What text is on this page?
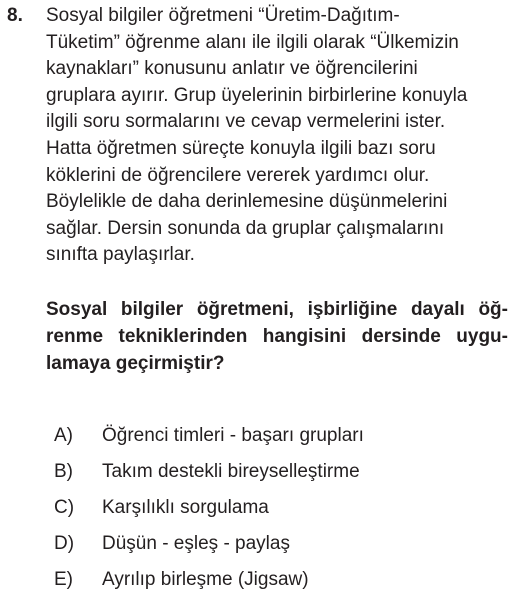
8. Sosyal bilgiler öğretmeni “Üretim-Dağıtım-
Tüketim” öğrenme alanı ile ilgili olarak “Ülkemizin
kaynakları” konusunu anlatır ve öğrencilerini
gruplara ayırır. Grup üyelerinin birbirlerine konuyla
ilgili soru sormalarını ve cevap vermelerini ister.
Hatta öğretmen süreçte konuyla ilgili bazı soru
köklerini de öğrencilere vererek yardımcı olur.
Böylelikle de daha derinlemesine düşünmelerini
sağlar. Dersin sonunda da gruplar çalışmalarını
sınıfta paylaşırlar.
Sosyal bilgiler öğretmeni, işbirliğine dayalı öğ-
renme tekniklerinden hangisini dersinde uygu-
lamaya geçirmiştir?
A) Öğrenci timleri - başarı grupları
B) Takım destekli bireyselleştirme
C) Karşılıklı sorgulama
D) Düşün - eşleş - paylaş
E) Ayrılıp birleşme (Jigsaw)
